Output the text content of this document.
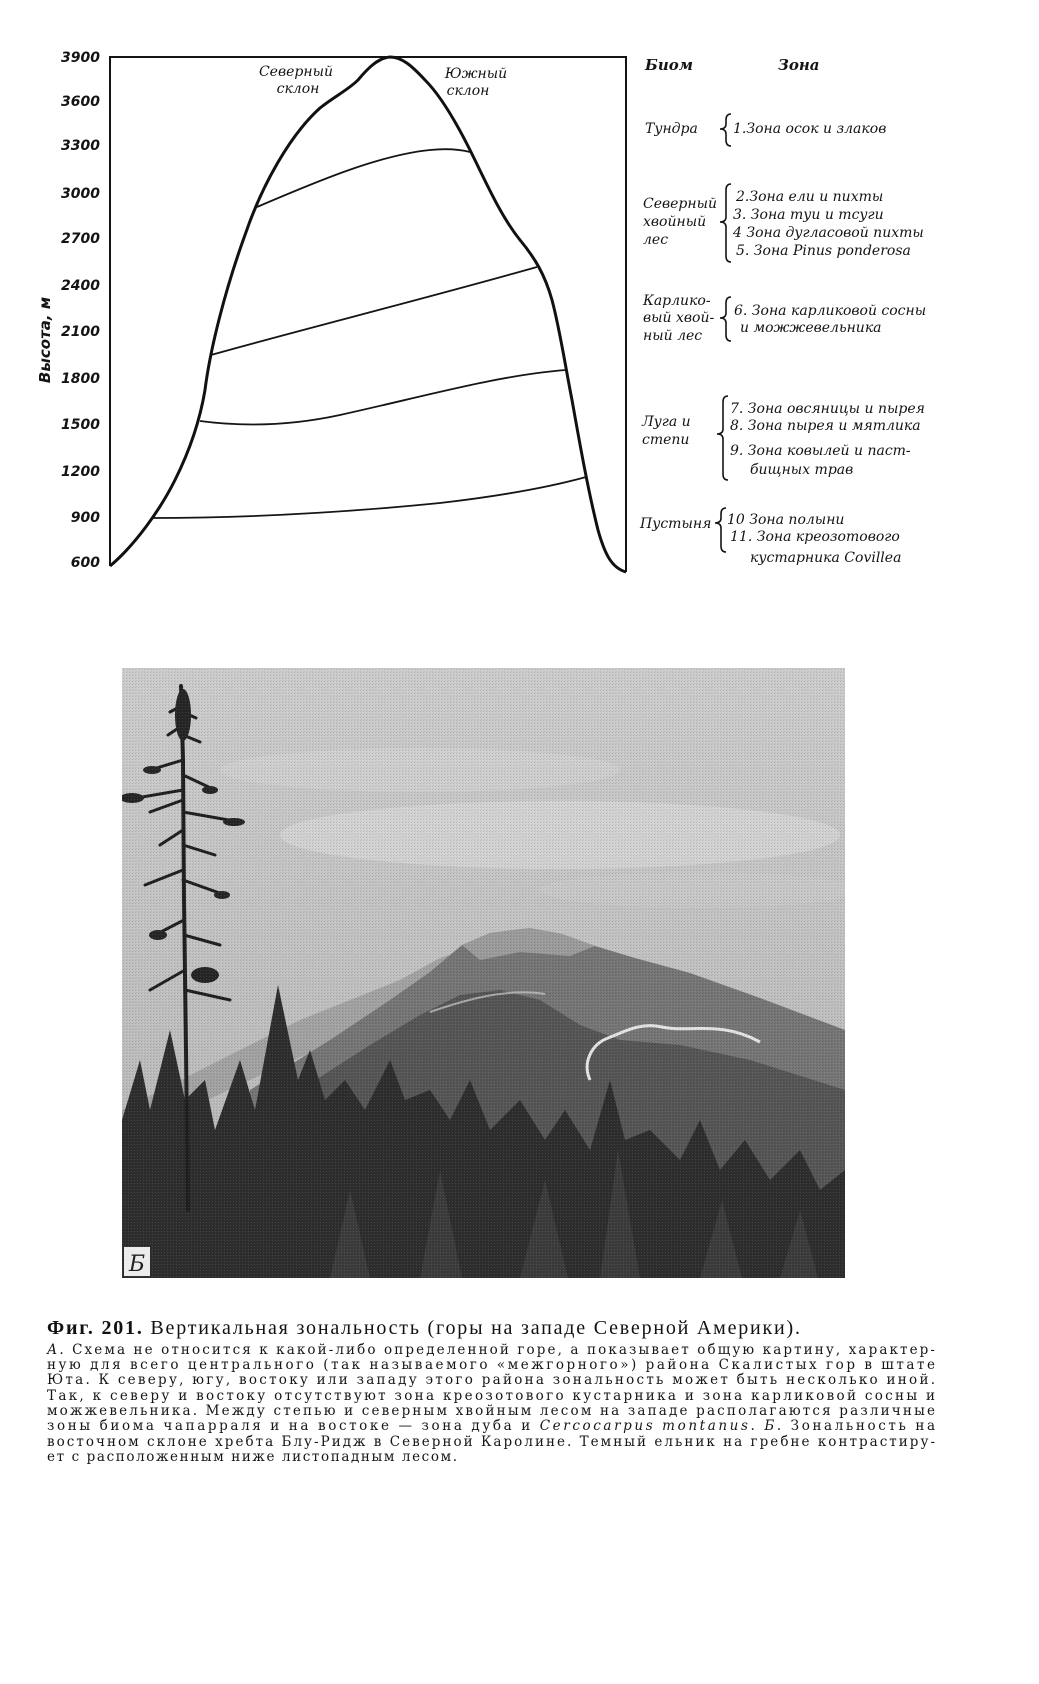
Высота, м
3900
3600
3300
3000
2700
2400
2100
1800
1500
1200
900
600
Северный
склон
Южный
склон
Биом	Зона
Тундра	1.Зона осок и злаков
Северный
хвойный
лес
2.Зона ели и пихты
3. Зона туи и тсуги
4 Зона дугласовой пихты
5. Зона Pinus ponderosa
Карлико-
вый хвой-
ный лес
6. Зона карликовой сосны
и можжевельника
Луга и
степи
7. Зона овсяницы и пырея
8. Зона пырея и мятлика
9. Зона ковылей и паст-
бищных трав
Пустыня 10 Зона полыни
11. Зона креозотового
кустарника Covillea
Б
Фиг. 201. Вертикальная зональность (горы на западе Северной Америки).
А. Схема не относится к какой-либо определенной горе, а показывает общую картину, характер-
ную для всего центрального (так называемого «межгорного») района Скалистых гор в штате
Юта. К северу, югу, востоку или западу этого района зональность может быть несколько иной.
Так, к северу и востоку отсутствуют зона креозотового кустарника и зона карликовой сосны и
можжевельника. Между степью и северным хвойным лесом на западе располагаются различные
зоны биома чапарраля и на востоке — зона дуба и Cercocarpus montanus . Б. Зональность на
восточном склоне хребта Блу-Ридж в Северной Каролине. Темный ельник на гребне контрастиру-
ет с расположенным ниже листопадным лесом.
